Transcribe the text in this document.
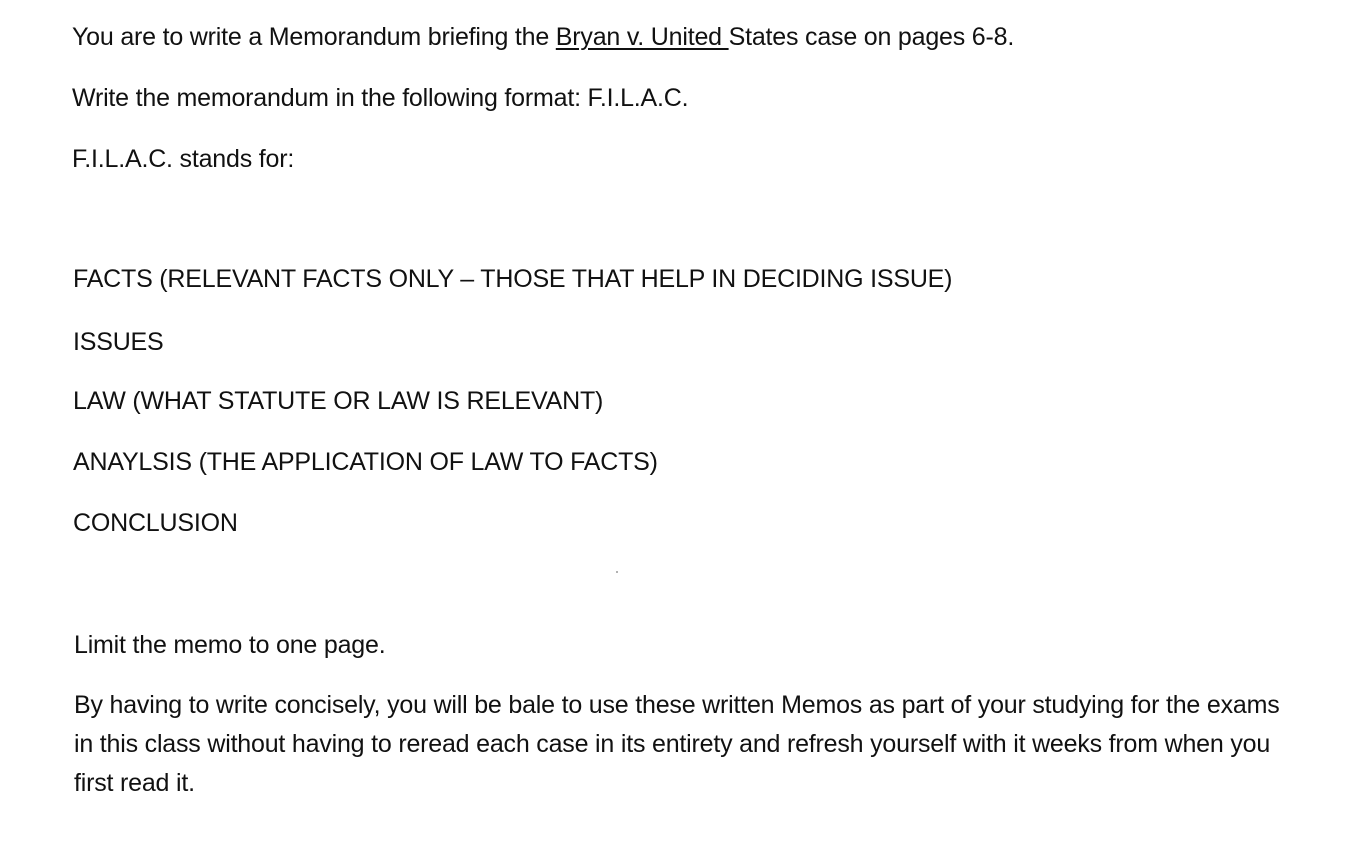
You are to write a Memorandum briefing the Bryan v. United States case on pages 6-8.

Write the memorandum in the following format: F.I.L.A.C.

F.I.L.A.C. stands for:

FACTS (RELEVANT FACTS ONLY – THOSE THAT HELP IN DECIDING ISSUE)

ISSUES

LAW (WHAT STATUTE OR LAW IS RELEVANT)

ANAYLSIS (THE APPLICATION OF LAW TO FACTS)

CONCLUSION

Limit the memo to one page.

By having to write concisely, you will be bale to use these written Memos as part of your studying for the exams in this class without having to reread each case in its entirety and refresh yourself with it weeks from when you first read it.
